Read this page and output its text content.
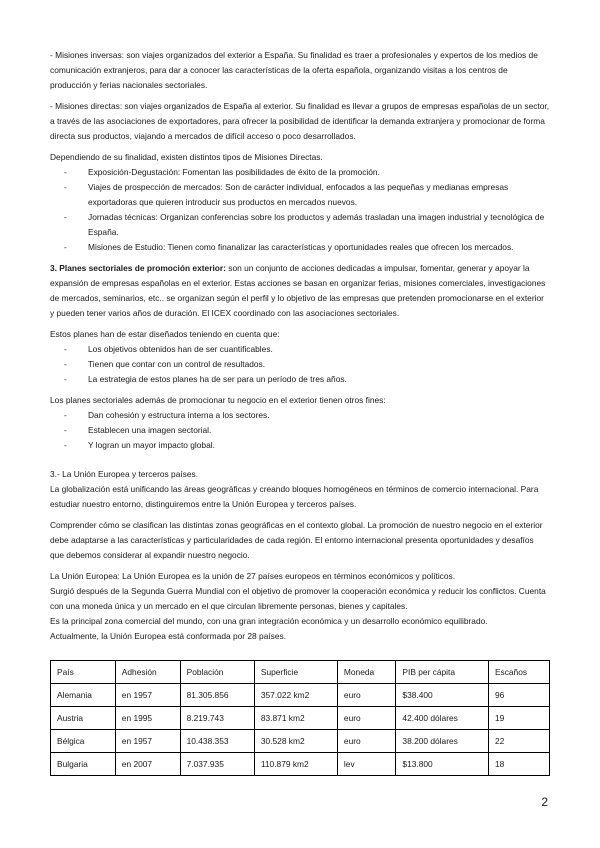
- Misiones inversas: son viajes organizados del exterior a España. Su finalidad es traer a profesionales y expertos de los medios de comunicación extranjeros, para dar a conocer las características de la oferta española, organizando visitas a los centros de producción y ferias nacionales sectoriales.

- Misiones directas: son viajes organizados de España al exterior. Su finalidad es llevar a grupos de empresas españolas de un sector, a través de las asociaciones de exportadores, para ofrecer la posibilidad de identificar la demanda extranjera y promocionar de forma directa sus productos, viajando a mercados de difícil acceso o poco desarrollados.

Dependiendo de su finalidad, existen distintos tipos de Misiones Directas.

-	Exposición-Degustación: Fomentan las posibilidades de éxito de la promoción.
-	Viajes de prospección de mercados: Son de carácter individual, enfocados a las pequeñas y medianas empresas exportadoras que quieren introducir sus productos en mercados nuevos.
-	Jornadas técnicas: Organizan conferencias sobre los productos y además trasladan una imagen industrial y tecnológica de España.
-	Misiones de Estudio: Tienen como finanalizar las características y oportunidades reales que ofrecen los mercados.

3. Planes sectoriales de promoción exterior: son un conjunto de acciones dedicadas a impulsar, fomentar, generar y apoyar la expansión de empresas españolas en el exterior. Estas acciones se basan en organizar ferias, misiones comerciales, investigaciones de mercados, seminarios, etc.. se organizan según el perfil y lo objetivo de las empresas que pretenden promocionarse en el exterior y pueden tener varios años de duración. El ICEX coordinado con las asociaciones sectoriales.

Estos planes han de estar diseñados teniendo en cuenta que:

-	Los objetivos obtenidos han de ser cuantificables.
-	Tienen que contar con un control de resultados.
-	La estrategia de estos planes ha de ser para un período de tres años.

Los planes sectoriales además de promocionar tu negocio en el exterior tienen otros fines:

-	Dan cohesión y estructura interna a los sectores.
-	Establecen una imagen sectorial.
-	Y logran un mayor impacto global.

3.- La Unión Europea y terceros países.

La globalización está unificando las áreas geográficas y creando bloques homogéneos en términos de comercio internacional. Para estudiar nuestro entorno, distinguiremos entre la Unión Europea y terceros países.

Comprender cómo se clasifican las distintas zonas geográficas en el contexto global. La promoción de nuestro negocio en el exterior debe adaptarse a las características y particularidades de cada región. El entorno internacional presenta oportunidades y desafíos que debemos considerar al expandir nuestro negocio.

La Unión Europea: La Unión Europea es la unión de 27 países europeos en términos económicos y políticos.
Surgió después de la Segunda Guerra Mundial con el objetivo de promover la cooperación económica y reducir los conflictos. Cuenta con una moneda única y un mercado en el que circulan libremente personas, bienes y capitales.
Es la principal zona comercial del mundo, con una gran integración económica y un desarrollo económico equilibrado.
Actualmente, la Unión Europea está conformada por 28 países.

País	Adhesión	Población	Superficie	Moneda	PIB per cápita	Escaños
Alemania	en 1957	81.305.856	357.022 km2	euro	$38.400	96
Austria	en 1995	8.219.743	83.871 km2	euro	42.400 dólares	19
Bélgica	en 1957	10.438.353	30.528 km2	euro	38.200 dólares	22
Bulgaria	en 2007	7.037.935	110.879 km2	lev	$13.800	18
2
